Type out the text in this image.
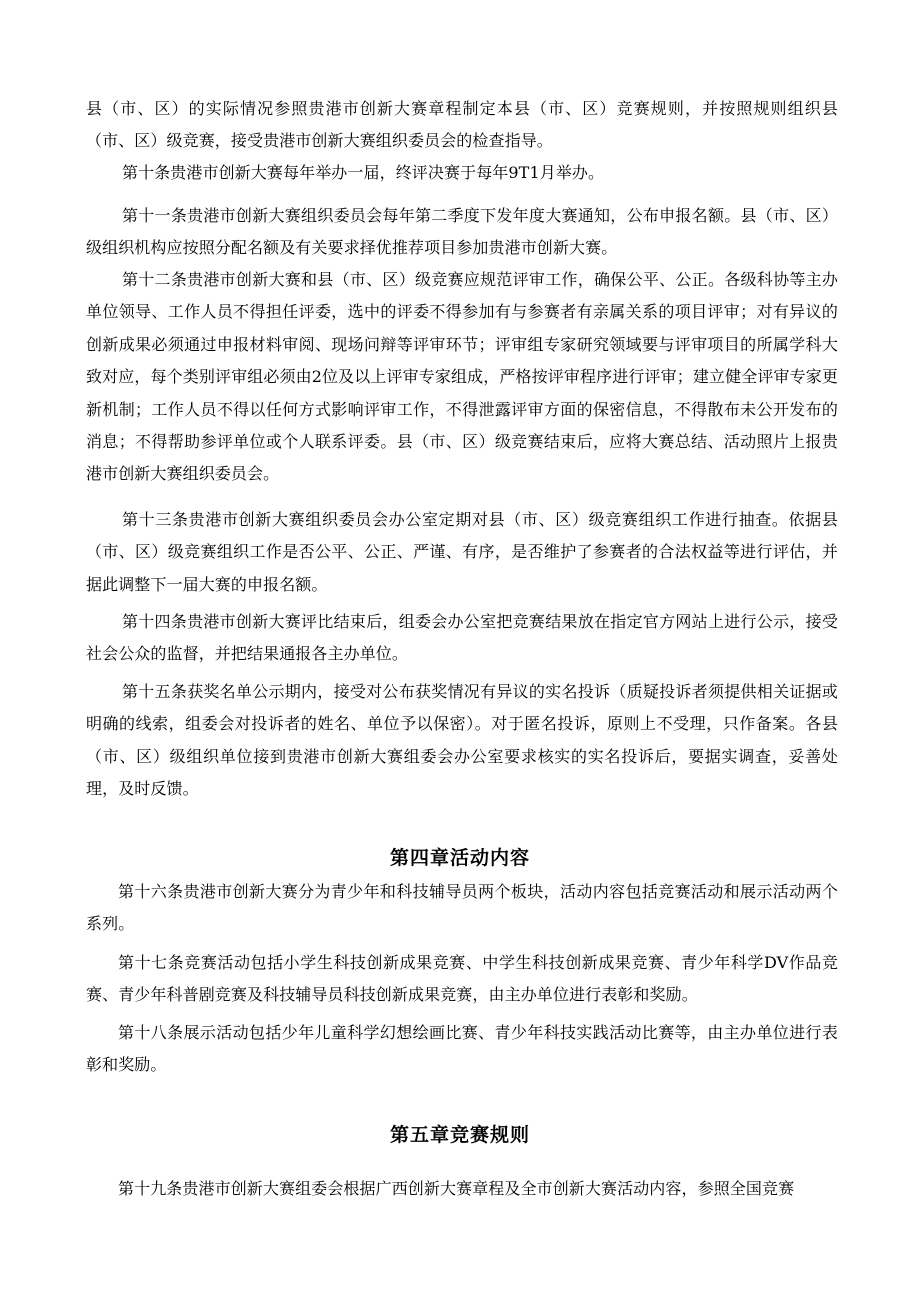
县（市、区）的实际情况参照贵港市创新大赛章程制定本县（市、区）竞赛规则，并按照规则组织县（市、区）级竞赛，接受贵港市创新大赛组织委员会的检查指导。

第十条贵港市创新大赛每年举办一届，终评决赛于每年9T1月举办。

第十一条贵港市创新大赛组织委员会每年第二季度下发年度大赛通知，公布申报名额。县（市、区）级组织机构应按照分配名额及有关要求择优推荐项目参加贵港市创新大赛。

第十二条贵港市创新大赛和县（市、区）级竞赛应规范评审工作，确保公平、公正。各级科协等主办单位领导、工作人员不得担任评委，选中的评委不得参加有与参赛者有亲属关系的项目评审；对有异议的创新成果必须通过申报材料审阅、现场问辩等评审环节；评审组专家研究领域要与评审项目的所属学科大致对应，每个类别评审组必须由2位及以上评审专家组成，严格按评审程序进行评审；建立健全评审专家更新机制；工作人员不得以任何方式影响评审工作，不得泄露评审方面的保密信息，不得散布未公开发布的消息；不得帮助参评单位或个人联系评委。县（市、区）级竞赛结束后，应将大赛总结、活动照片上报贵港市创新大赛组织委员会。

第十三条贵港市创新大赛组织委员会办公室定期对县（市、区）级竞赛组织工作进行抽查。依据县（市、区）级竞赛组织工作是否公平、公正、严谨、有序，是否维护了参赛者的合法权益等进行评估，并据此调整下一届大赛的申报名额。

第十四条贵港市创新大赛评比结束后，组委会办公室把竞赛结果放在指定官方网站上进行公示，接受社会公众的监督，并把结果通报各主办单位。

第十五条获奖名单公示期内，接受对公布获奖情况有异议的实名投诉（质疑投诉者须提供相关证据或明确的线索，组委会对投诉者的姓名、单位予以保密）。对于匿名投诉，原则上不受理，只作备案。各县（市、区）级组织单位接到贵港市创新大赛组委会办公室要求核实的实名投诉后，要据实调查，妥善处理，及时反馈。

第四章活动内容

第十六条贵港市创新大赛分为青少年和科技辅导员两个板块，活动内容包括竞赛活动和展示活动两个系列。

第十七条竞赛活动包括小学生科技创新成果竞赛、中学生科技创新成果竞赛、青少年科学DV作品竞赛、青少年科普剧竞赛及科技辅导员科技创新成果竞赛，由主办单位进行表彰和奖励。

第十八条展示活动包括少年儿童科学幻想绘画比赛、青少年科技实践活动比赛等，由主办单位进行表彰和奖励。

第五章竞赛规则

第十九条贵港市创新大赛组委会根据广西创新大赛章程及全市创新大赛活动内容，参照全国竞赛
